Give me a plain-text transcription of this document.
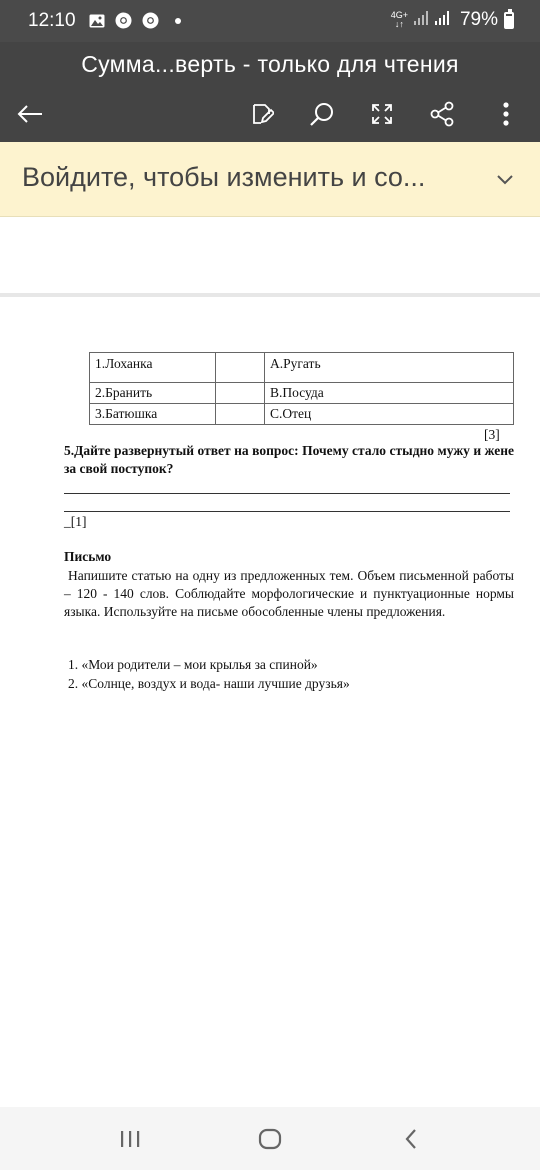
12:10	4G+
↓↑	79%
Сумма...верть - только для чтения
Войдите, чтобы изменить и со...
1.Лоханка		А.Ругать
2.Бранить		В.Посуда
3.Батюшка		С.Отец
[3]
5.Дайте развернутый ответ на вопрос: Почему стало стыдно мужу и жене за свой поступок?
_[1]
Письмо
Напишите статью на одну из предложенных тем. Объем письменной работы – 120 - 140 слов. Соблюдайте морфологические и пунктуационные нормы языка. Используйте на письме обособленные члены предложения.
1. «Мои родители – мои крылья за спиной»
2. «Солнце, воздух и вода- наши лучшие друзья»
